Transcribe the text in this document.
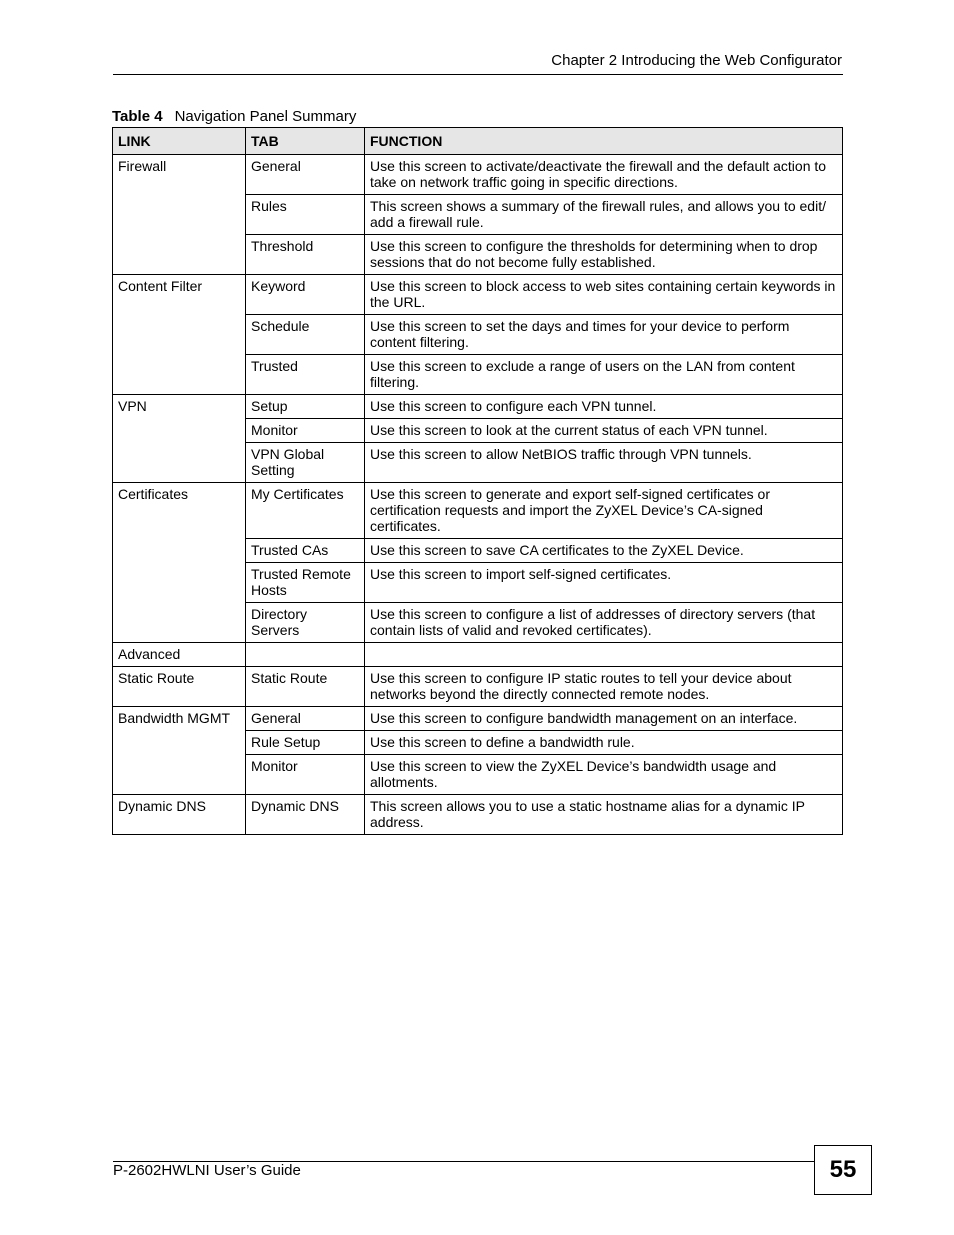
Chapter 2 Introducing the Web Configurator
Table 4 Navigation Panel Summary
LINK	TAB	FUNCTION
Firewall	General	Use this screen to activate/deactivate the firewall and the default action to take on network traffic going in specific directions.
	Rules	This screen shows a summary of the firewall rules, and allows you to edit/ add a firewall rule.
	Threshold	Use this screen to configure the thresholds for determining when to drop sessions that do not become fully established.
Content Filter	Keyword	Use this screen to block access to web sites containing certain keywords in the URL.
	Schedule	Use this screen to set the days and times for your device to perform content filtering.
	Trusted	Use this screen to exclude a range of users on the LAN from content filtering.
VPN	Setup	Use this screen to configure each VPN tunnel.
	Monitor	Use this screen to look at the current status of each VPN tunnel.
	VPN Global Setting	Use this screen to allow NetBIOS traffic through VPN tunnels.
Certificates	My Certificates	Use this screen to generate and export self-signed certificates or certification requests and import the ZyXEL Device’s CA-signed certificates.
	Trusted CAs	Use this screen to save CA certificates to the ZyXEL Device.
	Trusted Remote Hosts	Use this screen to import self-signed certificates.
	Directory Servers	Use this screen to configure a list of addresses of directory servers (that contain lists of valid and revoked certificates).
Advanced		
Static Route	Static Route	Use this screen to configure IP static routes to tell your device about networks beyond the directly connected remote nodes.
Bandwidth MGMT	General	Use this screen to configure bandwidth management on an interface.
	Rule Setup	Use this screen to define a bandwidth rule.
	Monitor	Use this screen to view the ZyXEL Device’s bandwidth usage and allotments.
Dynamic DNS	Dynamic DNS	This screen allows you to use a static hostname alias for a dynamic IP address.
P-2602HWLNI User’s Guide	55
